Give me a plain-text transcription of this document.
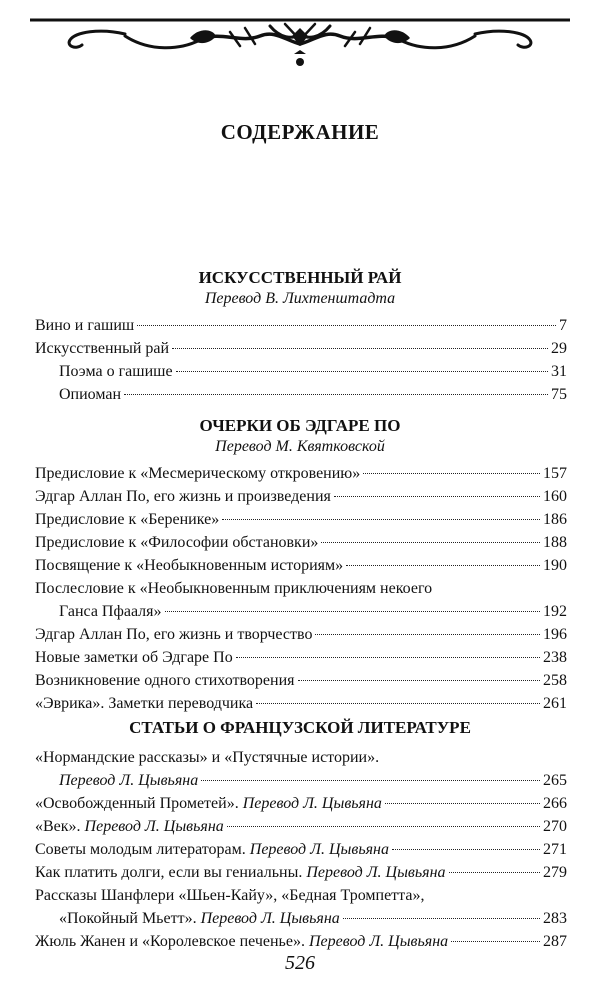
СОДЕРЖАНИЕ
ИСКУССТВЕННЫЙ РАЙ
Перевод В. Лихтенштадта
Вино и гашиш	7
Искусственный рай	29
Поэма о гашише	31
Опиоман	75
ОЧЕРКИ ОБ ЭДГАРЕ ПО
Перевод М. Квятковской
Предисловие к «Месмерическому откровению»	157
Эдгар Аллан По, его жизнь и произведения	160
Предисловие к «Беренике»	186
Предисловие к «Философии обстановки»	188
Посвящение к «Необыкновенным историям»	190
Послесловие к «Необыкновенным приключениям некоего
Ганса Пфааля»	192
Эдгар Аллан По, его жизнь и творчество	196
Новые заметки об Эдгаре По	238
Возникновение одного стихотворения	258
«Эврика». Заметки переводчика	261
СТАТЬИ О ФРАНЦУЗСКОЙ ЛИТЕРАТУРЕ
«Нормандские рассказы» и «Пустячные истории».
Перевод Л. Цывьяна	265
«Освобожденный Прометей». Перевод Л. Цывьяна	266
«Век». Перевод Л. Цывьяна	270
Советы молодым литераторам. Перевод Л. Цывьяна	271
Как платить долги, если вы гениальны. Перевод Л. Цывьяна	279
Рассказы Шанфлери «Шьен-Кайу», «Бедная Тромпетта»,
«Покойный Мьетт». Перевод Л. Цывьяна	283
Жюль Жанен и «Королевское печенье». Перевод Л. Цывьяна	287
526
